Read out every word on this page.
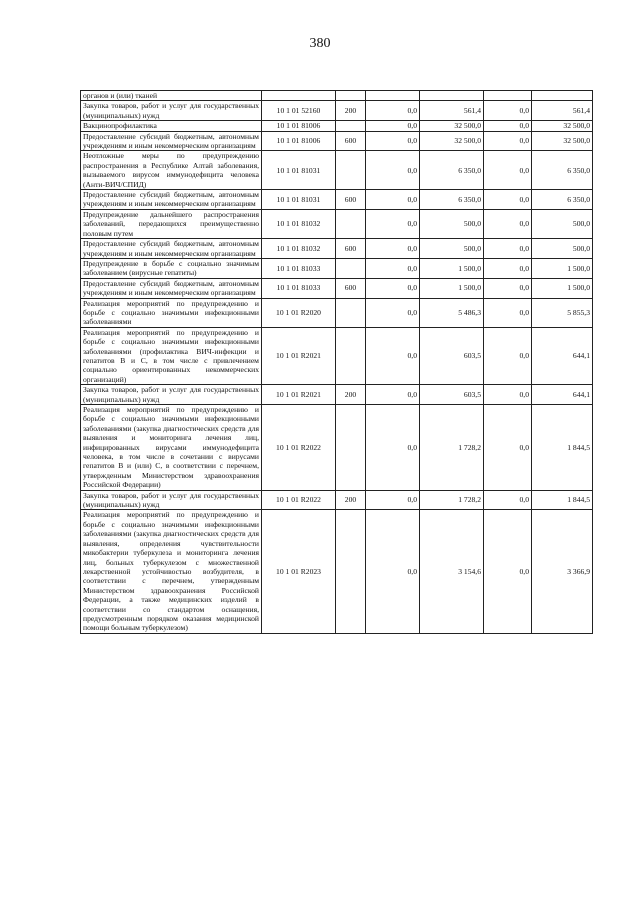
380
органов и (или) тканей						
Закупка товаров, работ и услуг для государственных (муниципальных) нужд	10 1 01 52160	200	0,0	561,4	0,0	561,4
Вакцинопрофилактика	10 1 01 81006		0,0	32 500,0	0,0	32 500,0
Предоставление субсидий бюджетным, автономным учреждениям и иным некоммерческим организациям	10 1 01 81006	600	0,0	32 500,0	0,0	32 500,0
Неотложные меры по предупреждению распространения в Республике Алтай заболевания, вызываемого вирусом иммунодефицита человека (Анти-ВИЧ/СПИД)	10 1 01 81031		0,0	6 350,0	0,0	6 350,0
Предоставление субсидий бюджетным, автономным учреждениям и иным некоммерческим организациям	10 1 01 81031	600	0,0	6 350,0	0,0	6 350,0
Предупреждение дальнейшего распространения заболеваний, передающихся преимущественно половым путем	10 1 01 81032		0,0	500,0	0,0	500,0
Предоставление субсидий бюджетным, автономным учреждениям и иным некоммерческим организациям	10 1 01 81032	600	0,0	500,0	0,0	500,0
Предупреждение в борьбе с социально значимым заболеванием (вирусные гепатиты)	10 1 01 81033		0,0	1 500,0	0,0	1 500,0
Предоставление субсидий бюджетным, автономным учреждениям и иным некоммерческим организациям	10 1 01 81033	600	0,0	1 500,0	0,0	1 500,0
Реализация мероприятий по предупреждению и борьбе с социально значимыми инфекционными заболеваниями	10 1 01 R2020		0,0	5 486,3	0,0	5 855,3
Реализация мероприятий по предупреждению и борьбе с социально значимыми инфекционными заболеваниями (профилактика ВИЧ-инфекции и гепатитов B и C, в том числе с привлечением социально ориентированных некоммерческих организаций)	10 1 01 R2021		0,0	603,5	0,0	644,1
Закупка товаров, работ и услуг для государственных (муниципальных) нужд	10 1 01 R2021	200	0,0	603,5	0,0	644,1
Реализация мероприятий по предупреждению и борьбе с социально значимыми инфекционными заболеваниями (закупка диагностических средств для выявления и мониторинга лечения лиц, инфицированных вирусами иммунодефицита человека, в том числе в сочетании с вирусами гепатитов B и (или) C, в соответствии с перечнем, утвержденным Министерством здравоохранения Российской Федерации)	10 1 01 R2022		0,0	1 728,2	0,0	1 844,5
Закупка товаров, работ и услуг для государственных (муниципальных) нужд	10 1 01 R2022	200	0,0	1 728,2	0,0	1 844,5
Реализация мероприятий по предупреждению и борьбе с социально значимыми инфекционными заболеваниями (закупка диагностических средств для выявления, определения чувствительности микобактерии туберкулеза и мониторинга лечения лиц, больных туберкулезом с множественной лекарственной устойчивостью возбудителя, в соответствии с перечнем, утвержденным Министерством здравоохранения Российской Федерации, а также медицинских изделий в соответствии со стандартом оснащения, предусмотренным порядком оказания медицинской помощи больным туберкулезом)	10 1 01 R2023		0,0	3 154,6	0,0	3 366,9
